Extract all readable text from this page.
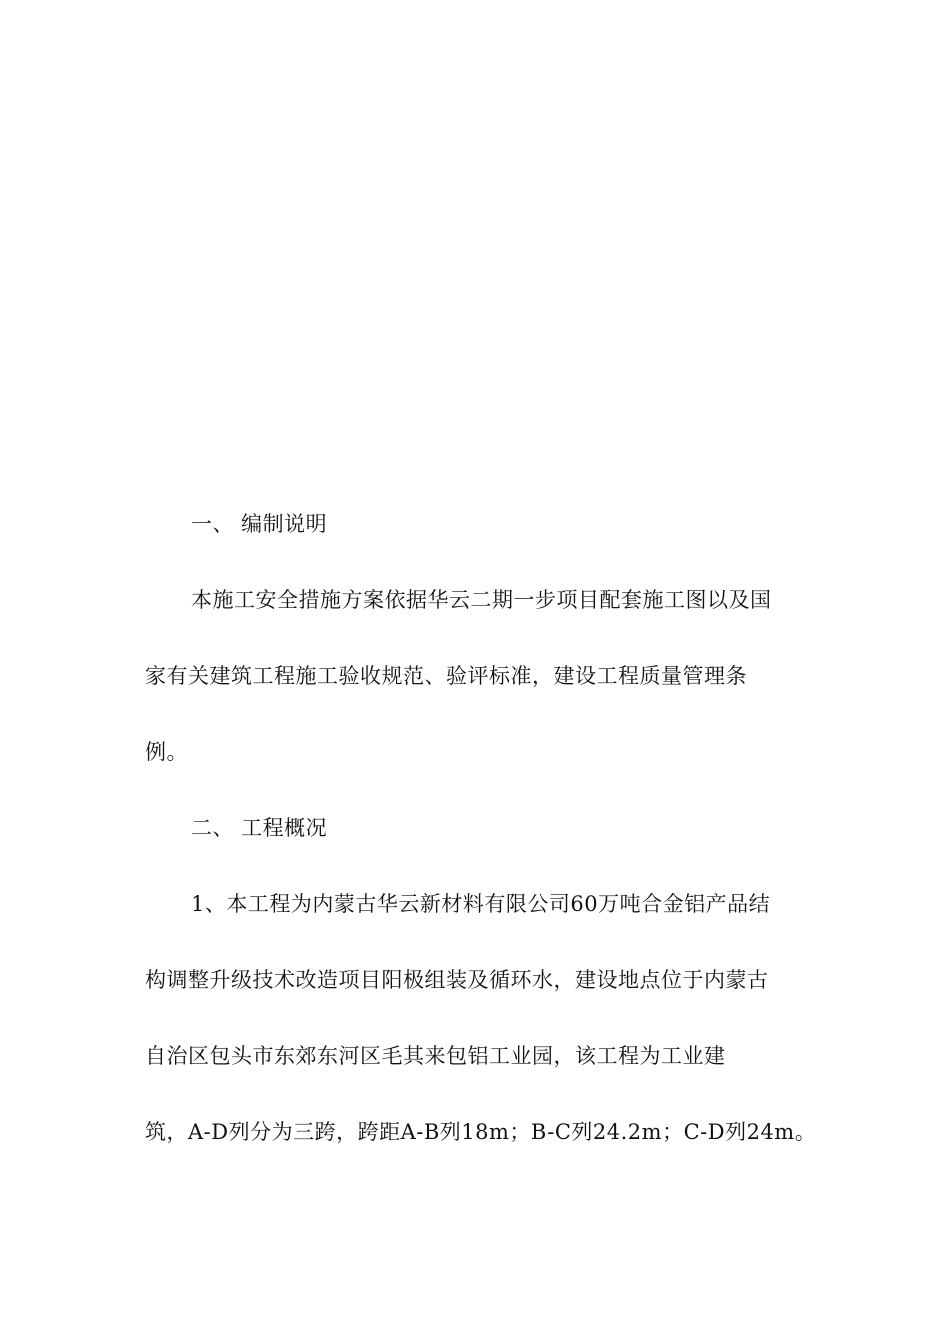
一、 编制说明
本施工安全措施方案依据华云二期一步项目配套施工图以及国
家有关建筑工程施工验收规范、验评标准，建设工程质量管理条
例。
二、 工程概况
1、本工程为内蒙古华云新材料有限公司60万吨合金铝产品结
构调整升级技术改造项目阳极组装及循环水，建设地点位于内蒙古
自治区包头市东郊东河区毛其来包铝工业园，该工程为工业建
筑，A-D列分为三跨，跨距A-B列18m；B-C列24.2m；C-D列24m。
